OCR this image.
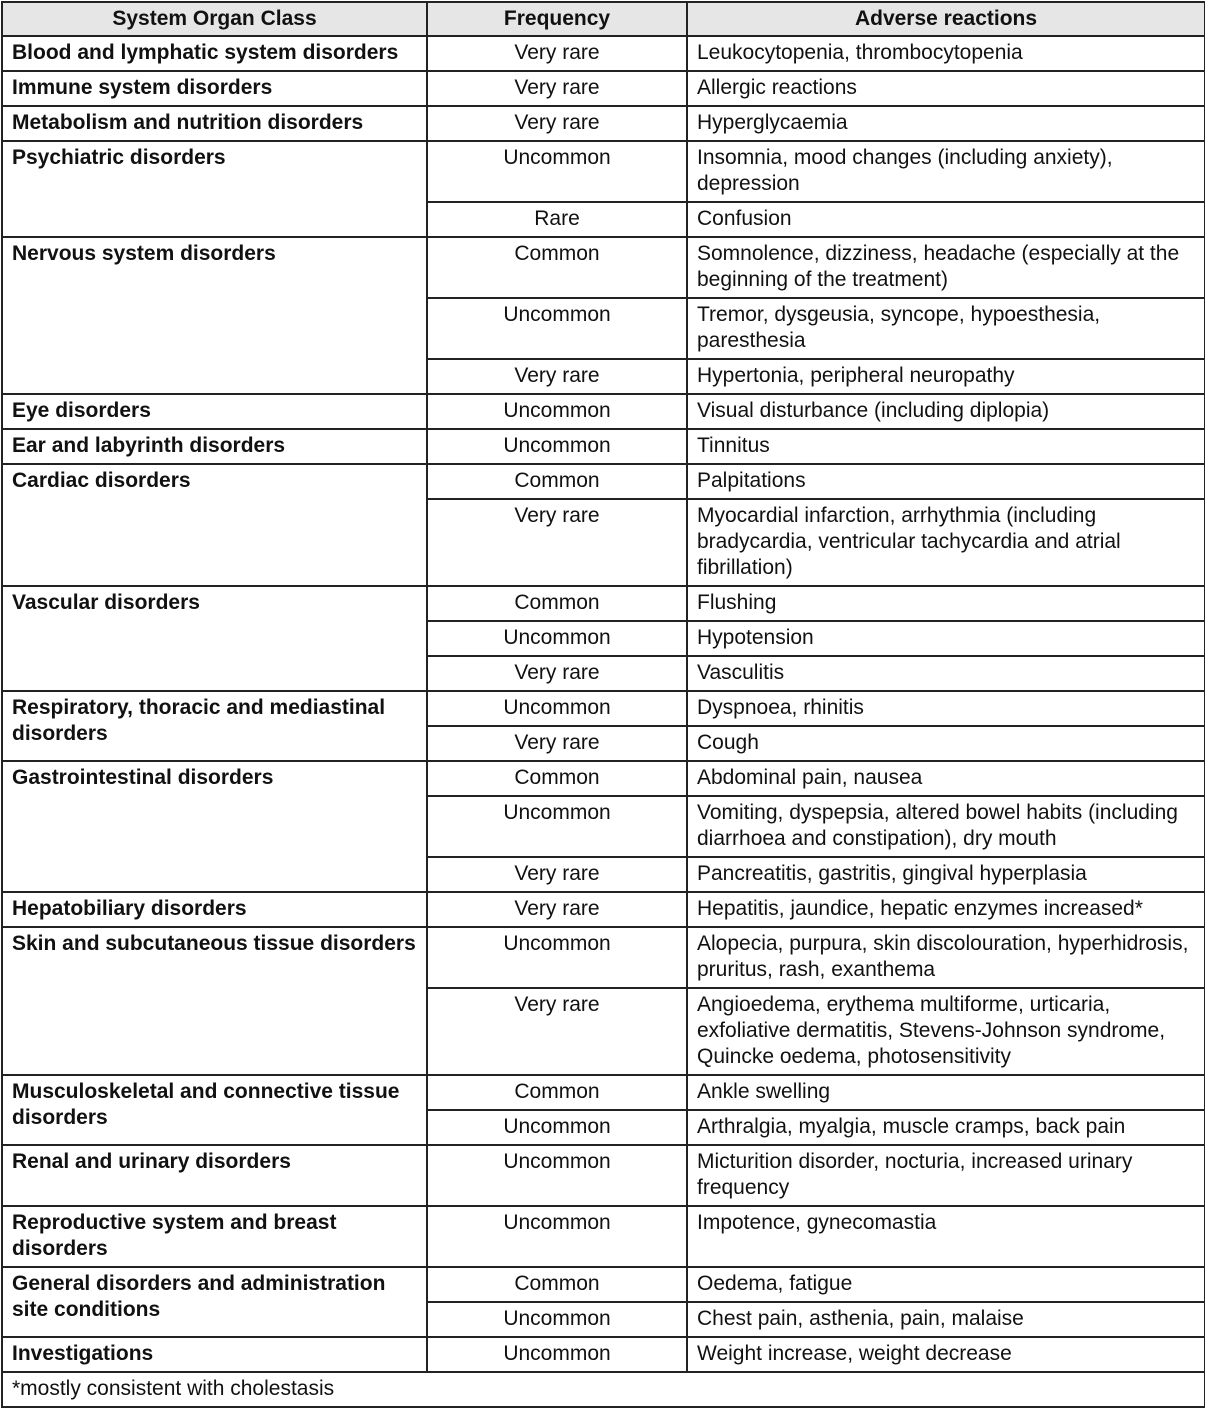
System Organ Class	Frequency	Adverse reactions
Blood and lymphatic system disorders	Very rare	Leukocytopenia, thrombocytopenia
Immune system disorders	Very rare	Allergic reactions
Metabolism and nutrition disorders	Very rare	Hyperglycaemia
Psychiatric disorders	Uncommon	Insomnia, mood changes (including anxiety), depression
	Rare	Confusion
Nervous system disorders	Common	Somnolence, dizziness, headache (especially at the beginning of the treatment)
	Uncommon	Tremor, dysgeusia, syncope, hypoesthesia, paresthesia
	Very rare	Hypertonia, peripheral neuropathy
Eye disorders	Uncommon	Visual disturbance (including diplopia)
Ear and labyrinth disorders	Uncommon	Tinnitus
Cardiac disorders	Common	Palpitations
	Very rare	Myocardial infarction, arrhythmia (including bradycardia, ventricular tachycardia and atrial fibrillation)
Vascular disorders	Common	Flushing
	Uncommon	Hypotension
	Very rare	Vasculitis
Respiratory, thoracic and mediastinal disorders	Uncommon	Dyspnoea, rhinitis
	Very rare	Cough
Gastrointestinal disorders	Common	Abdominal pain, nausea
	Uncommon	Vomiting, dyspepsia, altered bowel habits (including diarrhoea and constipation), dry mouth
	Very rare	Pancreatitis, gastritis, gingival hyperplasia
Hepatobiliary disorders	Very rare	Hepatitis, jaundice, hepatic enzymes increased*
Skin and subcutaneous tissue disorders	Uncommon	Alopecia, purpura, skin discolouration, hyperhidrosis, pruritus, rash, exanthema
	Very rare	Angioedema, erythema multiforme, urticaria, exfoliative dermatitis, Stevens-Johnson syndrome, Quincke oedema, photosensitivity
Musculoskeletal and connective tissue disorders	Common	Ankle swelling
	Uncommon	Arthralgia, myalgia, muscle cramps, back pain
Renal and urinary disorders	Uncommon	Micturition disorder, nocturia, increased urinary frequency
Reproductive system and breast disorders	Uncommon	Impotence, gynecomastia
General disorders and administration site conditions	Common	Oedema, fatigue
	Uncommon	Chest pain, asthenia, pain, malaise
Investigations	Uncommon	Weight increase, weight decrease
*mostly consistent with cholestasis		
